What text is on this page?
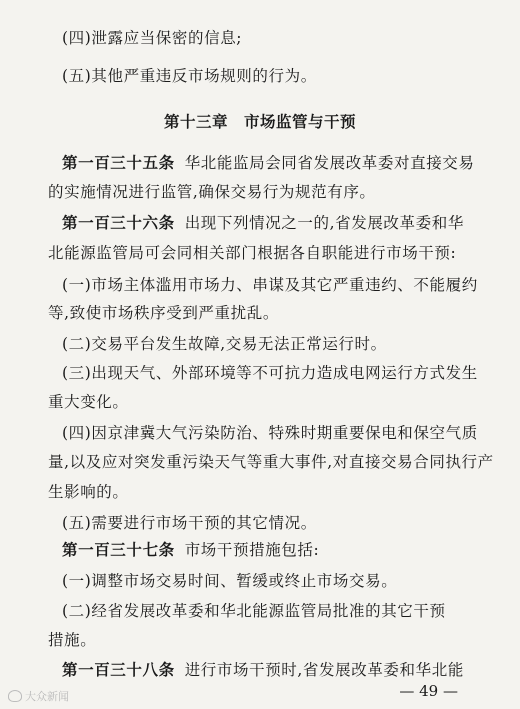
(四)泄露应当保密的信息;
(五)其他严重违反市场规则的行为。
第十三章　市场监管与干预
第一百三十五条 华北能监局会同省发展改革委对直接交易
的实施情况进行监管,确保交易行为规范有序。
第一百三十六条 出现下列情况之一的,省发展改革委和华
北能源监管局可会同相关部门根据各自职能进行市场干预:
(一)市场主体滥用市场力、串谋及其它严重违约、不能履约
等,致使市场秩序受到严重扰乱。
(二)交易平台发生故障,交易无法正常运行时。
(三)出现天气、外部环境等不可抗力造成电网运行方式发生
重大变化。
(四)因京津冀大气污染防治、特殊时期重要保电和保空气质
量,以及应对突发重污染天气等重大事件,对直接交易合同执行产
生影响的。
(五)需要进行市场干预的其它情况。
第一百三十七条 市场干预措施包括:
(一)调整市场交易时间、暂缓或终止市场交易。
(二)经省发展改革委和华北能源监管局批准的其它干预
措施。
第一百三十八条 进行市场干预时,省发展改革委和华北能
大众新闻	— 49 —
